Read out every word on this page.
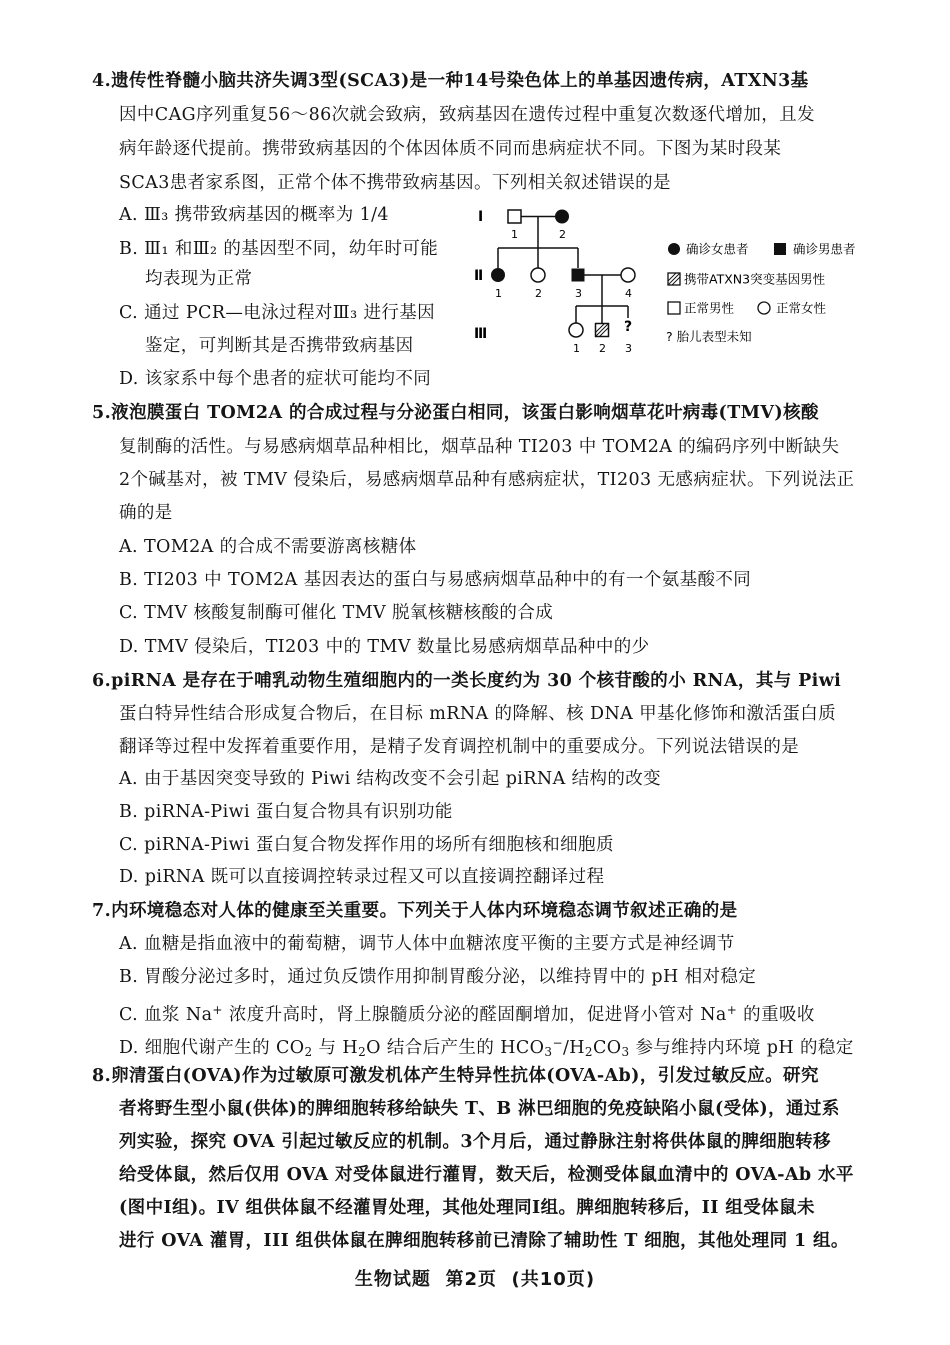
4.遗传性脊髓小脑共济失调3型(SCA3)是一种14号染色体上的单基因遗传病，ATXN3基
因中CAG序列重复56～86次就会致病，致病基因在遗传过程中重复次数逐代增加，且发
病年龄逐代提前。携带致病基因的个体因体质不同而患病症状不同。下图为某时段某
SCA3患者家系图，正常个体不携带致病基因。下列相关叙述错误的是
A. Ⅲ₃ 携带致病基因的概率为 1/4
B. Ⅲ₁ 和Ⅲ₂ 的基因型不同，幼年时可能
均表现为正常
C. 通过 PCR—电泳过程对Ⅲ₃ 进行基因
鉴定，可判断其是否携带致病基因
D. 该家系中每个患者的症状可能均不同
Ⅰ
Ⅱ
Ⅲ
1	2
1	2	3	4
?
1 2 3
确诊女患者	确诊男患者
携带ATXN3突变基因男性
正常男性	正常女性
? 胎儿表型未知
5.液泡膜蛋白 TOM2A 的合成过程与分泌蛋白相同，该蛋白影响烟草花叶病毒(TMV)核酸
复制酶的活性。与易感病烟草品种相比，烟草品种 TI203 中 TOM2A 的编码序列中断缺失
2个碱基对，被 TMV 侵染后，易感病烟草品种有感病症状，TI203 无感病症状。下列说法正
确的是
A. TOM2A 的合成不需要游离核糖体
B. TI203 中 TOM2A 基因表达的蛋白与易感病烟草品种中的有一个氨基酸不同
C. TMV 核酸复制酶可催化 TMV 脱氧核糖核酸的合成
D. TMV 侵染后，TI203 中的 TMV 数量比易感病烟草品种中的少
6.piRNA 是存在于哺乳动物生殖细胞内的一类长度约为 30 个核苷酸的小 RNA，其与 Piwi
蛋白特异性结合形成复合物后，在目标 mRNA 的降解、核 DNA 甲基化修饰和激活蛋白质
翻译等过程中发挥着重要作用，是精子发育调控机制中的重要成分。下列说法错误的是
A. 由于基因突变导致的 Piwi 结构改变不会引起 piRNA 结构的改变
B. piRNA-Piwi 蛋白复合物具有识别功能
C. piRNA-Piwi 蛋白复合物发挥作用的场所有细胞核和细胞质
D. piRNA 既可以直接调控转录过程又可以直接调控翻译过程
7.内环境稳态对人体的健康至关重要。下列关于人体内环境稳态调节叙述正确的是
A. 血糖是指血液中的葡萄糖，调节人体中血糖浓度平衡的主要方式是神经调节
B. 胃酸分泌过多时，通过负反馈作用抑制胃酸分泌，以维持胃中的 pH 相对稳定
C. 血浆 Na+ 浓度升高时，肾上腺髓质分泌的醛固酮增加，促进肾小管对 Na+ 的重吸收
D. 细胞代谢产生的 $CO_2$ 与 $H_2O$ 结合后产生的 $HCO_3^-/H_2CO_3$ 参与维持内环境 pH 的稳定
8.卵清蛋白(OVA)作为过敏原可激发机体产生特异性抗体(OVA-Ab)，引发过敏反应。研究
者将野生型小鼠(供体)的脾细胞转移给缺失 T、B 淋巴细胞的免疫缺陷小鼠(受体)，通过系
列实验，探究 OVA 引起过敏反应的机制。3个月后，通过静脉注射将供体鼠的脾细胞转移
给受体鼠，然后仅用 OVA 对受体鼠进行灌胃，数天后，检测受体鼠血清中的 OVA-Ab 水平
(图中Ⅰ组)。IV 组供体鼠不经灌胃处理，其他处理同Ⅰ组。脾细胞转移后，II 组受体鼠未
进行 OVA 灌胃，III 组供体鼠在脾细胞转移前已清除了辅助性 T 细胞，其他处理同 1 组。
生物试题 第2页 (共10页)
